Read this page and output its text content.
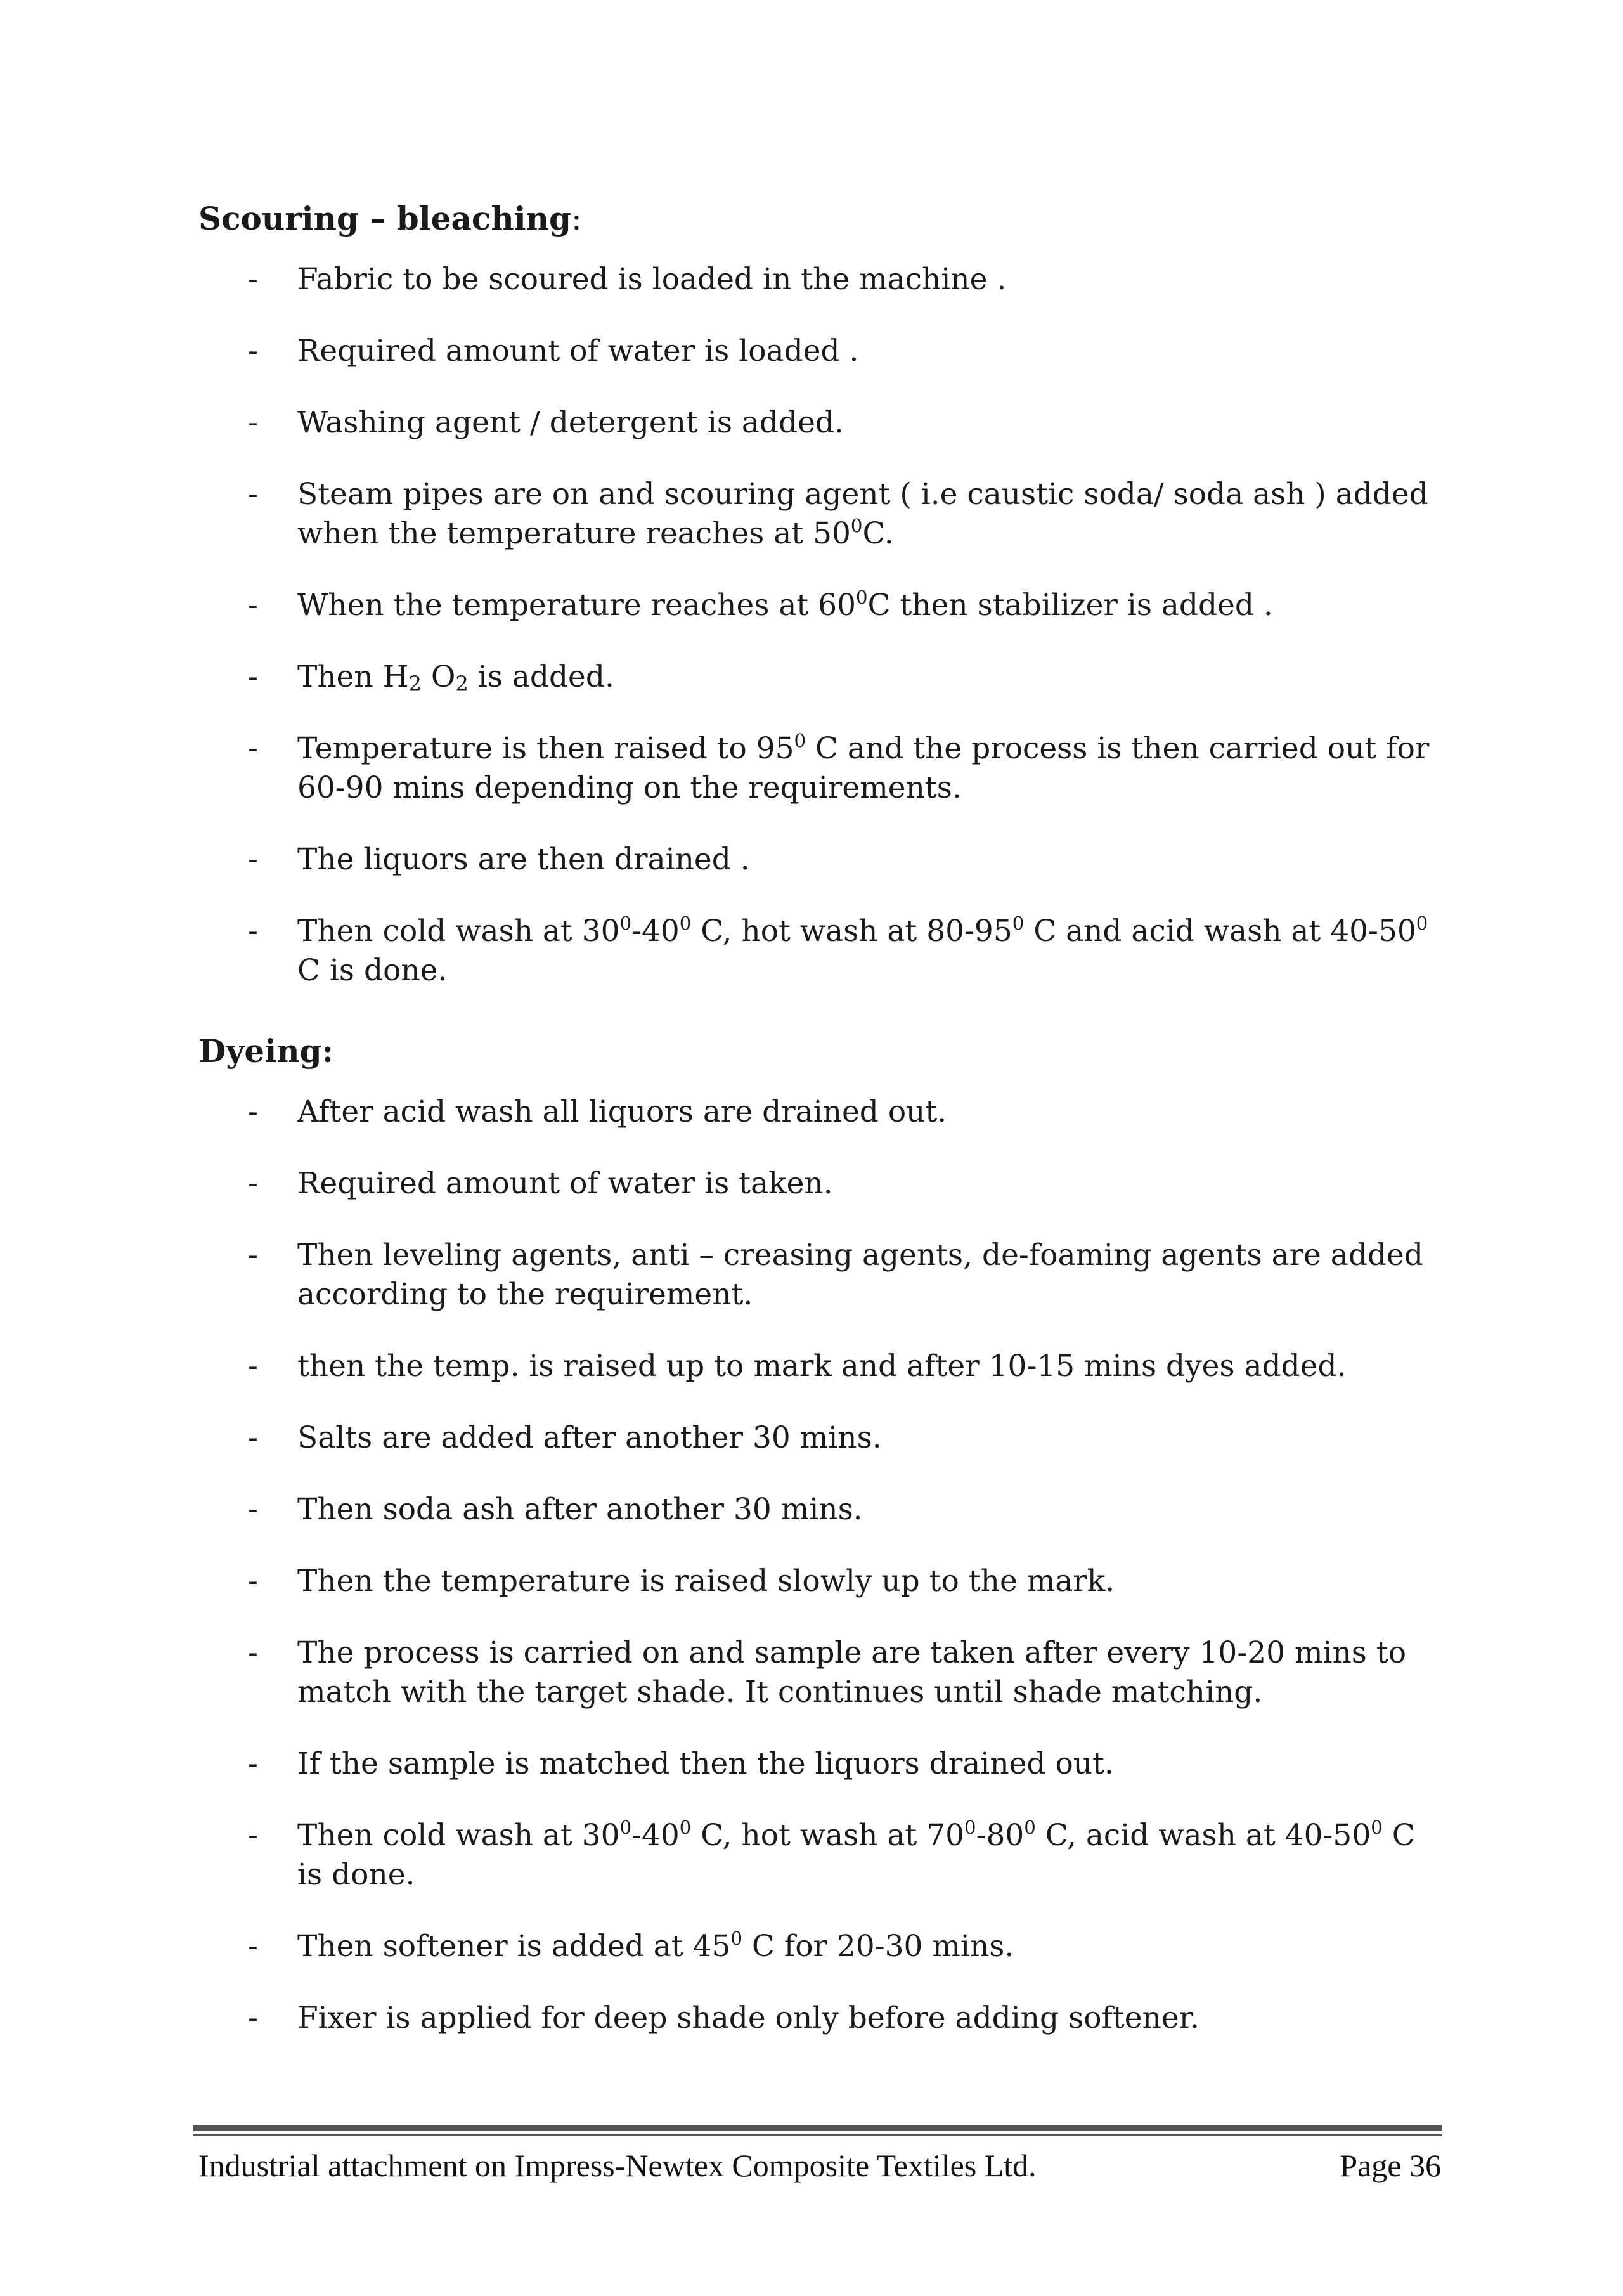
Scouring – bleaching:
- Fabric to be scoured is loaded in the machine .
- Required amount of water is loaded .
- Washing agent / detergent is added.
- Steam pipes are on and scouring agent ( i.e caustic soda/ soda ash ) added when the temperature reaches at $50^0C$.
- When the temperature reaches at $60^0C$ then stabilizer is added .
- Then $H_2$ $O_2$ is added.
- Temperature is then raised to $95^0$ C and the process is then carried out for 60-90 mins depending on the requirements.
- The liquors are then drained .
- Then cold wash at $30^0-40^0$ C, hot wash at $80-95^0$ C and acid wash at $40-50^0$ C is done.
Dyeing:
- After acid wash all liquors are drained out.
- Required amount of water is taken.
- Then leveling agents, anti – creasing agents, de-foaming agents are added according to the requirement.
- then the temp. is raised up to mark and after 10-15 mins dyes added.
- Salts are added after another 30 mins.
- Then soda ash after another 30 mins.
- Then the temperature is raised slowly up to the mark.
- The process is carried on and sample are taken after every 10-20 mins to match with the target shade. It continues until shade matching.
- If the sample is matched then the liquors drained out.
- Then cold wash at $30^0-40^0$ C, hot wash at $70^0-80^0$ C, acid wash at $40-50^0$ C is done.
- Then softener is added at $45^0$ C for 20-30 mins.
- Fixer is applied for deep shade only before adding softener.
Industrial attachment on Impress-Newtex Composite Textiles Ltd.	Page 36
